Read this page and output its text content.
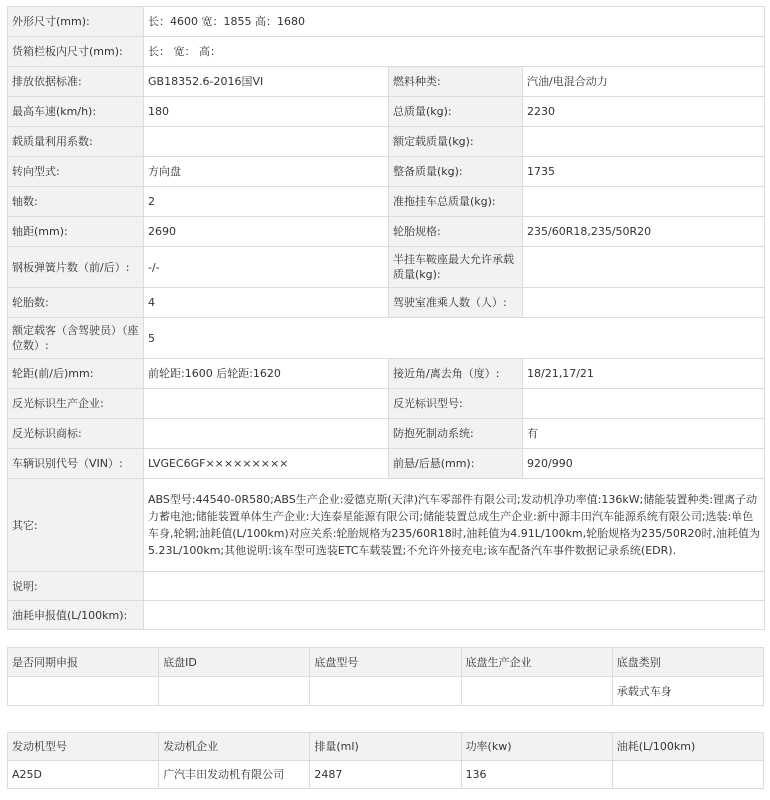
外形尺寸(mm):	长：4600 宽：1855 高：1680		
货箱栏板内尺寸(mm):	长： 宽： 高：		
排放依据标准:	GB18352.6-2016国VI	燃料种类:	汽油/电混合动力
最高车速(km/h):	180	总质量(kg):	2230
载质量利用系数:		额定载质量(kg):	
转向型式:	方向盘	整备质量(kg):	1735
轴数:	2	准拖挂车总质量(kg):	
轴距(mm):	2690	轮胎规格:	235/60R18,235/50R20
钢板弹簧片数（前/后）:	-/-	半挂车鞍座最大允许承载质量(kg):	
轮胎数:	4	驾驶室准乘人数（人）:	
额定载客（含驾驶员）（座位数）:	5		
轮距(前/后)mm:	前轮距:1600 后轮距:1620	接近角/离去角（度）:	18/21,17/21
反光标识生产企业:		反光标识型号:	
反光标识商标:		防抱死制动系统:	有
车辆识别代号（VIN）:	LVGEC6GF×××××××××	前悬/后悬(mm):	920/990
其它:	ABS型号:44540-0R580;ABS生产企业:爱德克斯(天津)汽车零部件有限公司;发动机净功率值:136kW;储能装置种类:锂离子动力蓄电池;储能装置单体生产企业:大连泰星能源有限公司;储能装置总成生产企业:新中源丰田汽车能源系统有限公司;选装:单色车身,轮辋;油耗值(L/100km)对应关系:轮胎规格为235/60R18时,油耗值为4.91L/100km,轮胎规格为235/50R20时,油耗值为5.23L/100km;其他说明:该车型可选装ETC车载装置;不允许外接充电;该车配备汽车事件数据记录系统(EDR).		
说明:			
油耗申报值(L/100km):			
是否同期申报	底盘ID	底盘型号	底盘生产企业	底盘类别
				承载式车身
发动机型号	发动机企业	排量(ml)	功率(kw)	油耗(L/100km)
A25D	广汽丰田发动机有限公司	2487	136	
